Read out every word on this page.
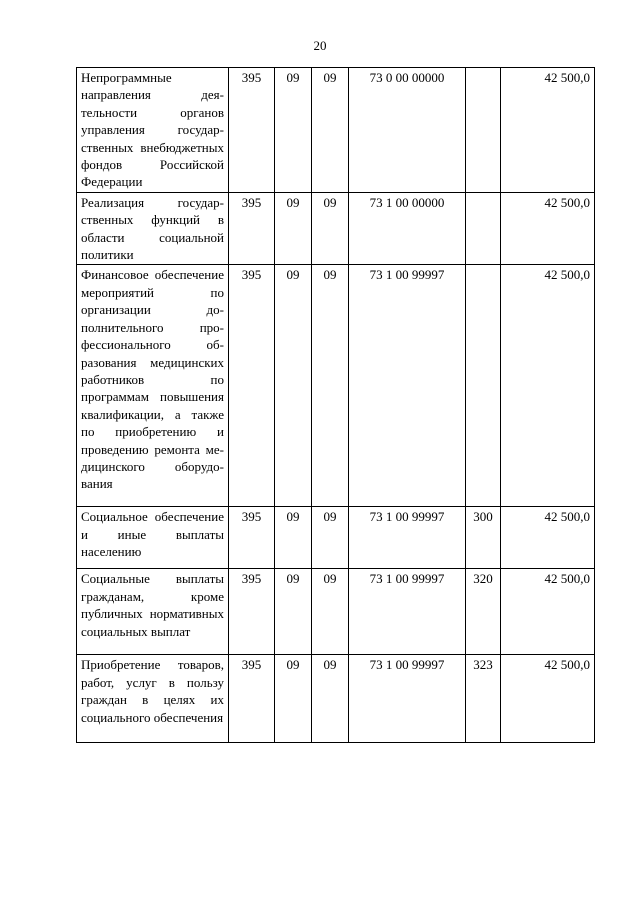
20
Непрограммные направления деятельности органов управления государственных внебюджетных фондов Российской Федерации	395	09	09	73 0 00 00000		42 500,0
Реализация государственных функций в области социальной политики	395	09	09	73 1 00 00000		42 500,0
Финансовое обеспечение мероприятий по организации дополнительного профессионального образования медицинских работников по программам повышения квалификации, а также по приобретению и проведению ремонта медицинского оборудования	395	09	09	73 1 00 99997		42 500,0
Социальное обеспечение и иные выплаты населению	395	09	09	73 1 00 99997	300	42 500,0
Социальные выплаты гражданам, кроме публичных нормативных социальных выплат	395	09	09	73 1 00 99997	320	42 500,0
Приобретение товаров, работ, услуг в пользу граждан в целях их социального обеспечения	395	09	09	73 1 00 99997	323	42 500,0
